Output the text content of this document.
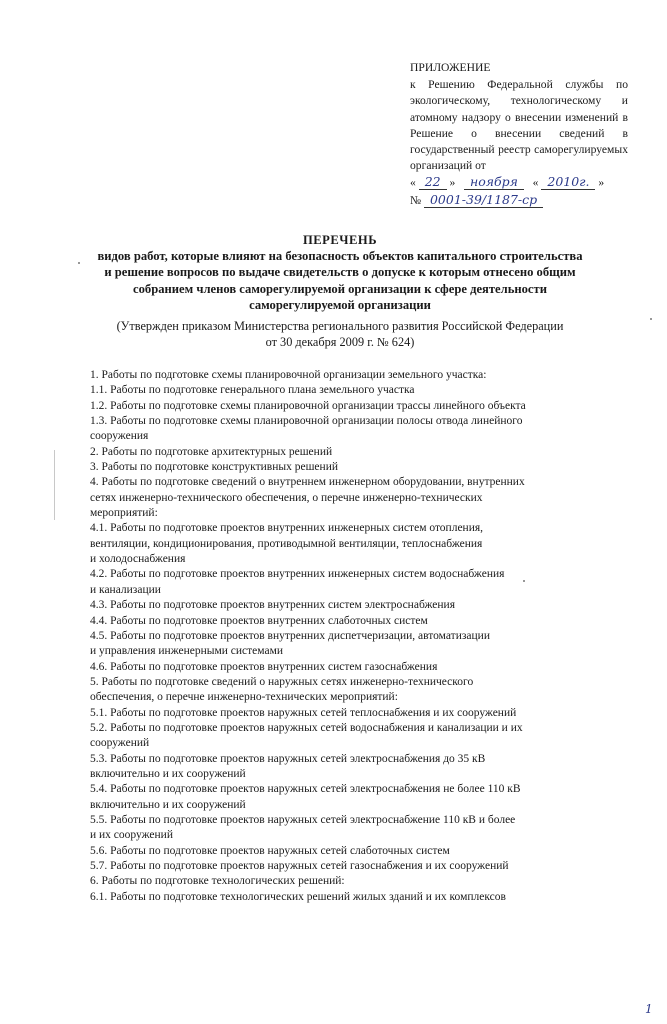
ПРИЛОЖЕНИЕ
к Решению Федеральной службы по экологическому, технологическому и атомному надзору о внесении изменений в Решение о внесении сведений в государственный реестр саморегулируемых организаций от
« 22 » ноября « 2010г. »
№ 0001-39/1187-ср
ПЕРЕЧЕНЬ
видов работ, которые влияют на безопасность объектов капитального строительства
и решение вопросов по выдаче свидетельств о допуске к которым отнесено общим
собранием членов саморегулируемой организации к сфере деятельности
саморегулируемой организации
(Утвержден приказом Министерства регионального развития Российской Федерации
от 30 декабря 2009 г. № 624)
1. Работы по подготовке схемы планировочной организации земельного участка:
1.1. Работы по подготовке генерального плана земельного участка
1.2. Работы по подготовке схемы планировочной организации трассы линейного объекта
1.3. Работы по подготовке схемы планировочной организации полосы отвода линейного
сооружения
2. Работы по подготовке архитектурных решений
3. Работы по подготовке конструктивных решений
4. Работы по подготовке сведений о внутреннем инженерном оборудовании, внутренних
сетях инженерно-технического обеспечения, о перечне инженерно-технических
мероприятий:
4.1. Работы по подготовке проектов внутренних инженерных систем отопления,
вентиляции, кондиционирования, противодымной вентиляции, теплоснабжения
и холодоснабжения
4.2. Работы по подготовке проектов внутренних инженерных систем водоснабжения
и канализации
4.3. Работы по подготовке проектов внутренних систем электроснабжения
4.4. Работы по подготовке проектов внутренних слаботочных систем
4.5. Работы по подготовке проектов внутренних диспетчеризации, автоматизации
и управления инженерными системами
4.6. Работы по подготовке проектов внутренних систем газоснабжения
5. Работы по подготовке сведений о наружных сетях инженерно-технического
обеспечения, о перечне инженерно-технических мероприятий:
5.1. Работы по подготовке проектов наружных сетей теплоснабжения и их сооружений
5.2. Работы по подготовке проектов наружных сетей водоснабжения и канализации и их
сооружений
5.3. Работы по подготовке проектов наружных сетей электроснабжения до 35 кВ
включительно и их сооружений
5.4. Работы по подготовке проектов наружных сетей электроснабжения не более 110 кВ
включительно и их сооружений
5.5. Работы по подготовке проектов наружных сетей электроснабжение 110 кВ и более
и их сооружений
5.6. Работы по подготовке проектов наружных сетей слаботочных систем
5.7. Работы по подготовке проектов наружных сетей газоснабжения и их сооружений
6. Работы по подготовке технологических решений:
6.1. Работы по подготовке технологических решений жилых зданий и их комплексов
1
